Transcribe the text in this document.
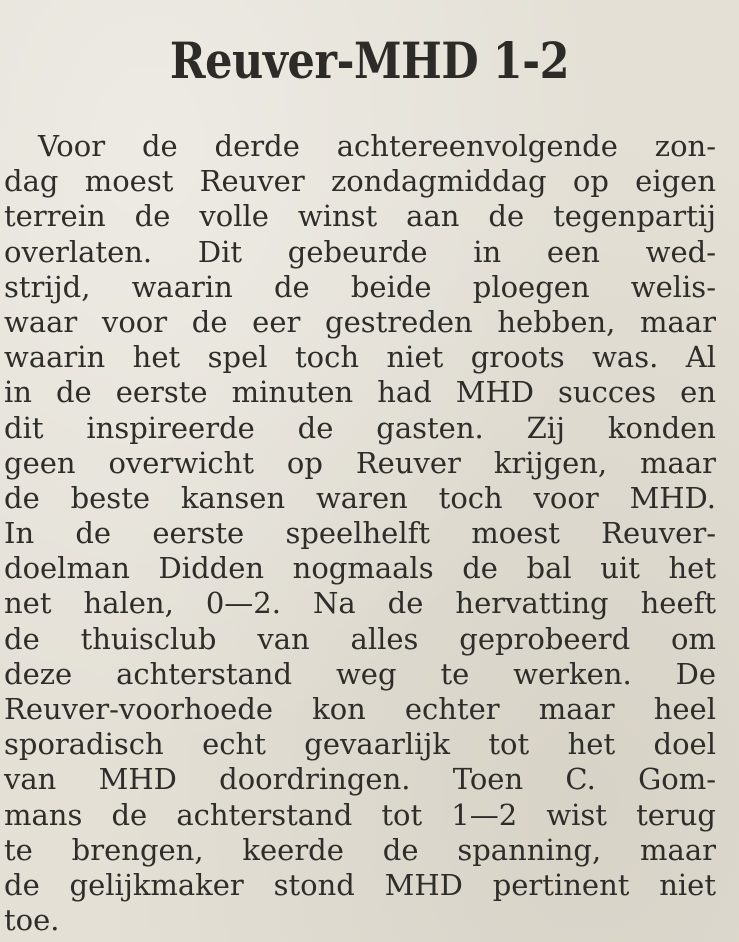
Reuver-MHD 1-2
Voor de derde achtereenvolgende zon-
dag moest Reuver zondagmiddag op eigen
terrein de volle winst aan de tegenpartij
overlaten. Dit gebeurde in een wed-
strijd, waarin de beide ploegen welis-
waar voor de eer gestreden hebben, maar
waarin het spel toch niet groots was. Al
in de eerste minuten had MHD succes en
dit inspireerde de gasten. Zij konden
geen overwicht op Reuver krijgen, maar
de beste kansen waren toch voor MHD.
In de eerste speelhelft moest Reuver-
doelman Didden nogmaals de bal uit het
net halen, 0—2. Na de hervatting heeft
de thuisclub van alles geprobeerd om
deze achterstand weg te werken. De
Reuver-voorhoede kon echter maar heel
sporadisch echt gevaarlijk tot het doel
van MHD doordringen. Toen C. Gom-
mans de achterstand tot 1—2 wist terug
te brengen, keerde de spanning, maar
de gelijkmaker stond MHD pertinent niet
toe.
